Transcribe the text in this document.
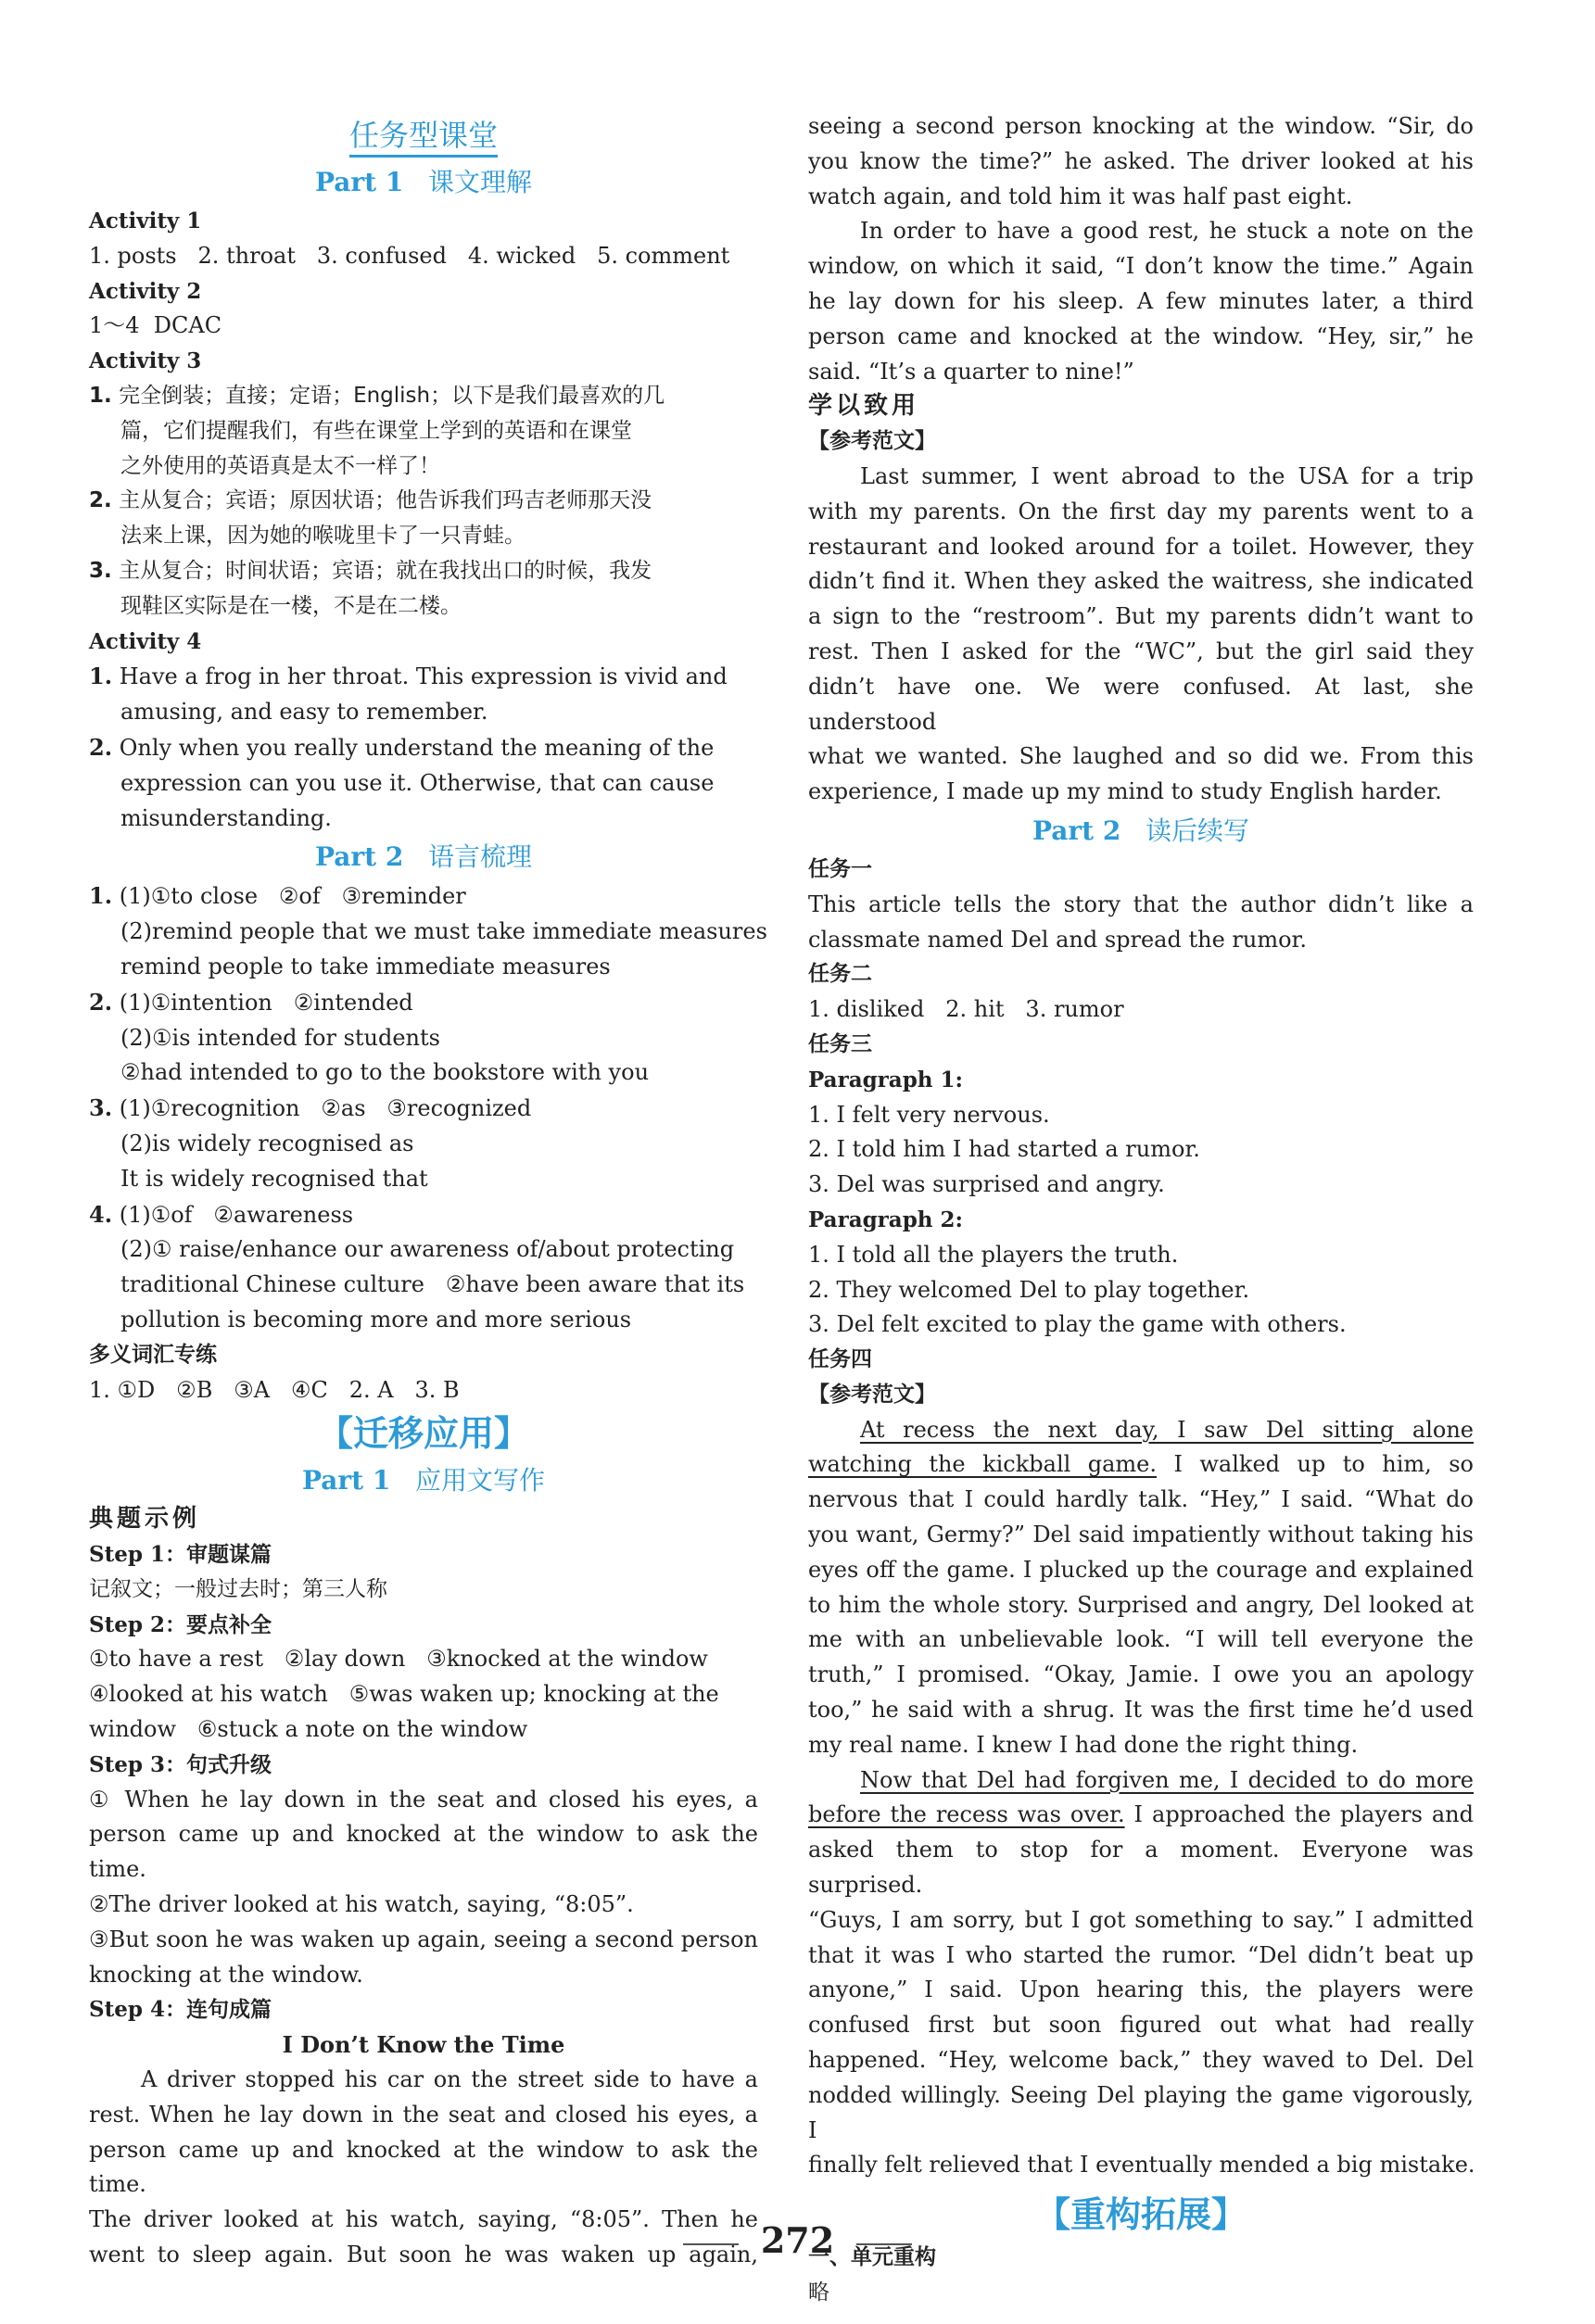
任务型课堂
Part 1 课文理解
Activity 1
1. posts   2. throat   3. confused   4. wicked   5. comment
Activity 2
1～4  DCAC
Activity 3
1. 完全倒装；直接；定语；English；以下是我们最喜欢的几
篇，它们提醒我们，有些在课堂上学到的英语和在课堂
之外使用的英语真是太不一样了！
2. 主从复合；宾语；原因状语；他告诉我们玛吉老师那天没
法来上课，因为她的喉咙里卡了一只青蛙。
3. 主从复合；时间状语；宾语；就在我找出口的时候，我发
现鞋区实际是在一楼，不是在二楼。
Activity 4
1. Have a frog in her throat. This expression is vivid and
amusing, and easy to remember.
2. Only when you really understand the meaning of the
expression can you use it. Otherwise, that can cause
misunderstanding.
Part 2 语言梳理
1. (1)①to close   ②of   ③reminder
(2)remind people that we must take immediate measures
remind people to take immediate measures
2. (1)①intention   ②intended
(2)①is intended for students
②had intended to go to the bookstore with you
3. (1)①recognition   ②as   ③recognized
(2)is widely recognised as
It is widely recognised that
4. (1)①of   ②awareness
(2)① raise/enhance our awareness of/about protecting
traditional Chinese culture   ②have been aware that its
pollution is becoming more and more serious
多义词汇专练
1. ①D   ②B   ③A   ④C   2. A   3. B
【迁移应用】
Part 1 应用文写作
典题示例
Step 1：审题谋篇
记叙文；一般过去时；第三人称
Step 2：要点补全
①to have a rest   ②lay down   ③knocked at the window
④looked at his watch   ⑤was waken up; knocking at the
window   ⑥stuck a note on the window
Step 3：句式升级
① When he lay down in the seat and closed his eyes, a
person came up and knocked at the window to ask the time.
②The driver looked at his watch, saying, “8:05”.
③But soon he was waken up again, seeing a second person
knocking at the window.
Step 4：连句成篇
I Don’t Know the Time
A driver stopped his car on the street side to have a
rest. When he lay down in the seat and closed his eyes, a
person came up and knocked at the window to ask the time.
The driver looked at his watch, saying, “8:05”. Then he
went to sleep again. But soon he was waken up again,
seeing a second person knocking at the window. “Sir, do
you know the time?” he asked. The driver looked at his
watch again, and told him it was half past eight.
In order to have a good rest, he stuck a note on the
window, on which it said, “I don’t know the time.” Again
he lay down for his sleep. A few minutes later, a third
person came and knocked at the window. “Hey, sir,” he
said. “It’s a quarter to nine!”
学以致用
【参考范文】
Last summer, I went abroad to the USA for a trip
with my parents. On the first day my parents went to a
restaurant and looked around for a toilet. However, they
didn’t find it. When they asked the waitress, she indicated
a sign to the “restroom”. But my parents didn’t want to
rest. Then I asked for the “WC”, but the girl said they
didn’t have one. We were confused. At last, she understood
what we wanted. She laughed and so did we. From this
experience, I made up my mind to study English harder.
Part 2 读后续写
任务一
This article tells the story that the author didn’t like a
classmate named Del and spread the rumor.
任务二
1. disliked   2. hit   3. rumor
任务三
Paragraph 1:
1. I felt very nervous.
2. I told him I had started a rumor.
3. Del was surprised and angry.
Paragraph 2:
1. I told all the players the truth.
2. They welcomed Del to play together.
3. Del felt excited to play the game with others.
任务四
【参考范文】
At recess the next day, I saw Del sitting alone
watching the kickball game. I walked up to him, so
nervous that I could hardly talk. “Hey,” I said. “What do
you want, Germy?” Del said impatiently without taking his
eyes off the game. I plucked up the courage and explained
to him the whole story. Surprised and angry, Del looked at
me with an unbelievable look. “I will tell everyone the
truth,” I promised. “Okay, Jamie. I owe you an apology
too,” he said with a shrug. It was the first time he’d used
my real name. I knew I had done the right thing.
Now that Del had forgiven me, I decided to do more
before the recess was over. I approached the players and
asked them to stop for a moment. Everyone was surprised.
“Guys, I am sorry, but I got something to say.” I admitted
that it was I who started the rumor. “Del didn’t beat up
anyone,” I said. Upon hearing this, the players were
confused first but soon figured out what had really
happened. “Hey, welcome back,” they waved to Del. Del
nodded willingly. Seeing Del playing the game vigorously, I
finally felt relieved that I eventually mended a big mistake.
【重构拓展】
一、单元重构
略
272
